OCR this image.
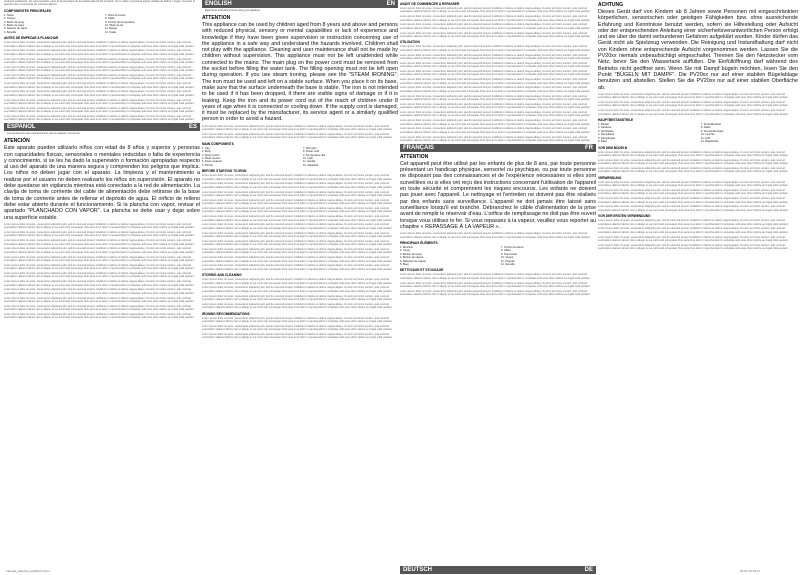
producto evaluación. Ver para revisarla, junto al desempaque de la unidad vida útil del producto. No lo utilice si presenta signos visibles de daños o fugas. Conectar el aparato sólo a una fuente de corriente alterna.
COMPONENTES PRINCIPALES
1. Tapón
2. Cuerpo
3. Botón de spray
4. Botón de vapor
5. Selector de vapor
6. Boquilla
7. Piloto luminoso
8. Cable
9. Control de temperatura
10. Piloto de luz
11. Mango
12. Suela
ANTES DE EMPEZAR A PLANCHAR

Lorem ipsum dolor sit amet, consectetur adipiscing elit, sed do eiusmod tempor incididunt ut labore et dolore magna aliqua. Ut enim ad minim veniam, quis nostrud exercitation ullamco laboris nisi ut aliquip ex ea commodo consequat. Duis aute irure dolor in reprehenderit in voluptate velit esse cillum dolore eu fugiat nulla pariatur.

Lorem ipsum dolor sit amet, consectetur adipiscing elit, sed do eiusmod tempor incididunt ut labore et dolore magna aliqua. Ut enim ad minim veniam, quis nostrud exercitation ullamco laboris nisi ut aliquip ex ea commodo consequat. Duis aute irure dolor in reprehenderit in voluptate velit esse cillum dolore eu fugiat nulla pariatur.

Lorem ipsum dolor sit amet, consectetur adipiscing elit, sed do eiusmod tempor incididunt ut labore et dolore magna aliqua. Ut enim ad minim veniam, quis nostrud exercitation ullamco laboris nisi ut aliquip ex ea commodo consequat. Duis aute irure dolor in reprehenderit in voluptate velit esse cillum dolore eu fugiat nulla pariatur.

Lorem ipsum dolor sit amet, consectetur adipiscing elit, sed do eiusmod tempor incididunt ut labore et dolore magna aliqua. Ut enim ad minim veniam, quis nostrud exercitation ullamco laboris nisi ut aliquip ex ea commodo consequat. Duis aute irure dolor in reprehenderit in voluptate velit esse cillum dolore eu fugiat nulla pariatur.

Lorem ipsum dolor sit amet, consectetur adipiscing elit, sed do eiusmod tempor incididunt ut labore et dolore magna aliqua. Ut enim ad minim veniam, quis nostrud exercitation ullamco laboris nisi ut aliquip ex ea commodo consequat. Duis aute irure dolor in reprehenderit in voluptate velit esse cillum dolore eu fugiat nulla pariatur.

Lorem ipsum dolor sit amet, consectetur adipiscing elit, sed do eiusmod tempor incididunt ut labore et dolore magna aliqua. Ut enim ad minim veniam, quis nostrud exercitation ullamco laboris nisi ut aliquip ex ea commodo consequat. Duis aute irure dolor in reprehenderit in voluptate velit esse cillum dolore eu fugiat nulla pariatur.

Lorem ipsum dolor sit amet, consectetur adipiscing elit, sed do eiusmod tempor incididunt ut labore et dolore magna aliqua. Ut enim ad minim veniam, quis nostrud exercitation ullamco laboris nisi ut aliquip ex ea commodo consequat. Duis aute irure dolor in reprehenderit in voluptate velit esse cillum dolore eu fugiat nulla pariatur.

Lorem ipsum dolor sit amet, consectetur adipiscing elit, sed do eiusmod tempor incididunt ut labore et dolore magna aliqua. Ut enim ad minim veniam, quis nostrud exercitation ullamco laboris nisi ut aliquip ex ea commodo consequat. Duis aute irure dolor in reprehenderit in voluptate velit esse cillum dolore eu fugiat nulla pariatur.

Lorem ipsum dolor sit amet, consectetur adipiscing elit, sed do eiusmod tempor incididunt ut labore et dolore magna aliqua. Ut enim ad minim veniam, quis nostrud exercitation ullamco laboris nisi ut aliquip ex ea commodo consequat. Duis aute irure dolor in reprehenderit in voluptate velit esse cillum dolore eu fugiat nulla pariatur.

Lorem ipsum dolor sit amet, consectetur adipiscing elit, sed do eiusmod tempor incididunt ut labore et dolore magna aliqua. Ut enim ad minim veniam, quis nostrud exercitation ullamco laboris nisi ut aliquip ex ea commodo consequat. Duis aute irure dolor in reprehenderit in voluptate velit esse cillum dolore eu fugiat nulla pariatur.

ESPAÑOL	ES
Lea atentamente este manual antes de usar su aparato y consérvelo.
ATENCIÓN
Este aparato pueden utilizarlo niños con edad de 8 años y superior y personas con capacidades físicas, sensoriales o mentales reducidas o falta de experiencia y conocimiento, si se les ha dado la supervisión o formación apropiadas respecto al uso del aparato de una manera segura y comprenden los peligros que implica. Los niños no deben jugar con el aparato. La limpieza y el mantenimiento a realizar por el usuario no deben realizarlo los niños sin supervisión. El aparato no debe quedarse sin vigilancia mientras está conectado a la red de alimentación. La clavija de toma de corriente del cable de alimentación debe retirarse de la base de toma de corriente antes de rellenar el depósito de agua. El orificio de relleno debe estar abierto durante el funcionamiento. Si la plancha con vapor, revisar el apartado "PLANCHADO CON VAPOR". La plancha se debe usar y dejar sobre una superficie estable.

Lorem ipsum dolor sit amet, consectetur adipiscing elit, sed do eiusmod tempor incididunt ut labore et dolore magna aliqua. Ut enim ad minim veniam, quis nostrud exercitation ullamco laboris nisi ut aliquip ex ea commodo consequat. Duis aute irure dolor in reprehenderit in voluptate velit esse cillum dolore eu fugiat nulla pariatur.

Lorem ipsum dolor sit amet, consectetur adipiscing elit, sed do eiusmod tempor incididunt ut labore et dolore magna aliqua. Ut enim ad minim veniam, quis nostrud exercitation ullamco laboris nisi ut aliquip ex ea commodo consequat. Duis aute irure dolor in reprehenderit in voluptate velit esse cillum dolore eu fugiat nulla pariatur.

Lorem ipsum dolor sit amet, consectetur adipiscing elit, sed do eiusmod tempor incididunt ut labore et dolore magna aliqua. Ut enim ad minim veniam, quis nostrud exercitation ullamco laboris nisi ut aliquip ex ea commodo consequat. Duis aute irure dolor in reprehenderit in voluptate velit esse cillum dolore eu fugiat nulla pariatur.

Lorem ipsum dolor sit amet, consectetur adipiscing elit, sed do eiusmod tempor incididunt ut labore et dolore magna aliqua. Ut enim ad minim veniam, quis nostrud exercitation ullamco laboris nisi ut aliquip ex ea commodo consequat. Duis aute irure dolor in reprehenderit in voluptate velit esse cillum dolore eu fugiat nulla pariatur.

Lorem ipsum dolor sit amet, consectetur adipiscing elit, sed do eiusmod tempor incididunt ut labore et dolore magna aliqua. Ut enim ad minim veniam, quis nostrud exercitation ullamco laboris nisi ut aliquip ex ea commodo consequat. Duis aute irure dolor in reprehenderit in voluptate velit esse cillum dolore eu fugiat nulla pariatur.

Lorem ipsum dolor sit amet, consectetur adipiscing elit, sed do eiusmod tempor incididunt ut labore et dolore magna aliqua. Ut enim ad minim veniam, quis nostrud exercitation ullamco laboris nisi ut aliquip ex ea commodo consequat. Duis aute irure dolor in reprehenderit in voluptate velit esse cillum dolore eu fugiat nulla pariatur.

Lorem ipsum dolor sit amet, consectetur adipiscing elit, sed do eiusmod tempor incididunt ut labore et dolore magna aliqua. Ut enim ad minim veniam, quis nostrud exercitation ullamco laboris nisi ut aliquip ex ea commodo consequat. Duis aute irure dolor in reprehenderit in voluptate velit esse cillum dolore eu fugiat nulla pariatur.

Lorem ipsum dolor sit amet, consectetur adipiscing elit, sed do eiusmod tempor incididunt ut labore et dolore magna aliqua. Ut enim ad minim veniam, quis nostrud exercitation ullamco laboris nisi ut aliquip ex ea commodo consequat. Duis aute irure dolor in reprehenderit in voluptate velit esse cillum dolore eu fugiat nulla pariatur.

Lorem ipsum dolor sit amet, consectetur adipiscing elit, sed do eiusmod tempor incididunt ut labore et dolore magna aliqua. Ut enim ad minim veniam, quis nostrud exercitation ullamco laboris nisi ut aliquip ex ea commodo consequat. Duis aute irure dolor in reprehenderit in voluptate velit esse cillum dolore eu fugiat nulla pariatur.

Lorem ipsum dolor sit amet, consectetur adipiscing elit, sed do eiusmod tempor incididunt ut labore et dolore magna aliqua. Ut enim ad minim veniam, quis nostrud exercitation ullamco laboris nisi ut aliquip ex ea commodo consequat. Duis aute irure dolor in reprehenderit in voluptate velit esse cillum dolore eu fugiat nulla pariatur.

Lorem ipsum dolor sit amet, consectetur adipiscing elit, sed do eiusmod tempor incididunt ut labore et dolore magna aliqua. Ut enim ad minim veniam, quis nostrud exercitation ullamco laboris nisi ut aliquip ex ea commodo consequat. Duis aute irure dolor in reprehenderit in voluptate velit esse cillum dolore eu fugiat nulla pariatur.

Lorem ipsum dolor sit amet, consectetur adipiscing elit, sed do eiusmod tempor incididunt ut labore et dolore magna aliqua. Ut enim ad minim veniam, quis nostrud exercitation ullamco laboris nisi ut aliquip ex ea commodo consequat. Duis aute irure dolor in reprehenderit in voluptate velit esse cillum dolore eu fugiat nulla pariatur.

manual_plancha_cap2011.indd 1
ENGLISH	EN
Read these instructions before using your appliance.
ATTENTION
This appliance can be used by children aged from 8 years and above and persons with reduced physical, sensory or mental capabilities or lack of experience and knowledge if they have been given supervision or instruction concerning use of the appliance in a safe way and understand the hazards involved. Children shall not play with the appliance. Cleaning and user maintenance shall not be made by children without supervision. This appliance must not be left unattended while connected to the mains. The main plug on the power cord must be removed from the socket before filling the water tank. The filling opening must not be left open during operation. If you use steam ironing, please see the "STEAM IRONING". The iron must be used and left on a stable surface. When you place it on its base, make sure that the surface underneath the base is stable. The iron is not intended to be used if it has been dropped, if there are visible signs of damage or if it is leaking. Keep the iron and its power cord out of the reach of children under 8 years of age when it is connected or cooling down. If the supply cord is damaged, it must be replaced by the manufacturer, its service agent or a similarly qualified person in order to avoid a hazard.

Lorem ipsum dolor sit amet, consectetur adipiscing elit, sed do eiusmod tempor incididunt ut labore et dolore magna aliqua. Ut enim ad minim veniam, quis nostrud exercitation ullamco laboris nisi ut aliquip ex ea commodo consequat. Duis aute irure dolor in reprehenderit in voluptate velit esse cillum dolore eu fugiat nulla pariatur.

Lorem ipsum dolor sit amet, consectetur adipiscing elit, sed do eiusmod tempor incididunt ut labore et dolore magna aliqua. Ut enim ad minim veniam, quis nostrud exercitation ullamco laboris nisi ut aliquip ex ea commodo consequat. Duis aute irure dolor in reprehenderit in voluptate velit esse cillum dolore eu fugiat nulla pariatur.

MAIN COMPONENTS
1. Cap
2. Body
3. Spray button
4. Steam button
5. Steam selector
6. Nozzle
7. Pilot light
8. Power cord
9. Temperature dial
10. Light
11. Handle
12. Soleplate
BEFORE STARTING TO IRON

Lorem ipsum dolor sit amet, consectetur adipiscing elit, sed do eiusmod tempor incididunt ut labore et dolore magna aliqua. Ut enim ad minim veniam, quis nostrud exercitation ullamco laboris nisi ut aliquip ex ea commodo consequat. Duis aute irure dolor in reprehenderit in voluptate velit esse cillum dolore eu fugiat nulla pariatur.

Lorem ipsum dolor sit amet, consectetur adipiscing elit, sed do eiusmod tempor incididunt ut labore et dolore magna aliqua. Ut enim ad minim veniam, quis nostrud exercitation ullamco laboris nisi ut aliquip ex ea commodo consequat. Duis aute irure dolor in reprehenderit in voluptate velit esse cillum dolore eu fugiat nulla pariatur.

Lorem ipsum dolor sit amet, consectetur adipiscing elit, sed do eiusmod tempor incididunt ut labore et dolore magna aliqua. Ut enim ad minim veniam, quis nostrud exercitation ullamco laboris nisi ut aliquip ex ea commodo consequat. Duis aute irure dolor in reprehenderit in voluptate velit esse cillum dolore eu fugiat nulla pariatur.

Lorem ipsum dolor sit amet, consectetur adipiscing elit, sed do eiusmod tempor incididunt ut labore et dolore magna aliqua. Ut enim ad minim veniam, quis nostrud exercitation ullamco laboris nisi ut aliquip ex ea commodo consequat. Duis aute irure dolor in reprehenderit in voluptate velit esse cillum dolore eu fugiat nulla pariatur.

Lorem ipsum dolor sit amet, consectetur adipiscing elit, sed do eiusmod tempor incididunt ut labore et dolore magna aliqua. Ut enim ad minim veniam, quis nostrud exercitation ullamco laboris nisi ut aliquip ex ea commodo consequat. Duis aute irure dolor in reprehenderit in voluptate velit esse cillum dolore eu fugiat nulla pariatur.

Lorem ipsum dolor sit amet, consectetur adipiscing elit, sed do eiusmod tempor incididunt ut labore et dolore magna aliqua. Ut enim ad minim veniam, quis nostrud exercitation ullamco laboris nisi ut aliquip ex ea commodo consequat. Duis aute irure dolor in reprehenderit in voluptate velit esse cillum dolore eu fugiat nulla pariatur.

Lorem ipsum dolor sit amet, consectetur adipiscing elit, sed do eiusmod tempor incididunt ut labore et dolore magna aliqua. Ut enim ad minim veniam, quis nostrud exercitation ullamco laboris nisi ut aliquip ex ea commodo consequat. Duis aute irure dolor in reprehenderit in voluptate velit esse cillum dolore eu fugiat nulla pariatur.

Lorem ipsum dolor sit amet, consectetur adipiscing elit, sed do eiusmod tempor incididunt ut labore et dolore magna aliqua. Ut enim ad minim veniam, quis nostrud exercitation ullamco laboris nisi ut aliquip ex ea commodo consequat. Duis aute irure dolor in reprehenderit in voluptate velit esse cillum dolore eu fugiat nulla pariatur.

Lorem ipsum dolor sit amet, consectetur adipiscing elit, sed do eiusmod tempor incididunt ut labore et dolore magna aliqua. Ut enim ad minim veniam, quis nostrud exercitation ullamco laboris nisi ut aliquip ex ea commodo consequat. Duis aute irure dolor in reprehenderit in voluptate velit esse cillum dolore eu fugiat nulla pariatur.

Lorem ipsum dolor sit amet, consectetur adipiscing elit, sed do eiusmod tempor incididunt ut labore et dolore magna aliqua. Ut enim ad minim veniam, quis nostrud exercitation ullamco laboris nisi ut aliquip ex ea commodo consequat. Duis aute irure dolor in reprehenderit in voluptate velit esse cillum dolore eu fugiat nulla pariatur.

Lorem ipsum dolor sit amet, consectetur adipiscing elit, sed do eiusmod tempor incididunt ut labore et dolore magna aliqua. Ut enim ad minim veniam, quis nostrud exercitation ullamco laboris nisi ut aliquip ex ea commodo consequat. Duis aute irure dolor in reprehenderit in voluptate velit esse cillum dolore eu fugiat nulla pariatur.

Lorem ipsum dolor sit amet, consectetur adipiscing elit, sed do eiusmod tempor incididunt ut labore et dolore magna aliqua. Ut enim ad minim veniam, quis nostrud exercitation ullamco laboris nisi ut aliquip ex ea commodo consequat. Duis aute irure dolor in reprehenderit in voluptate velit esse cillum dolore eu fugiat nulla pariatur.

STORING AND CLEANING

Lorem ipsum dolor sit amet, consectetur adipiscing elit, sed do eiusmod tempor incididunt ut labore et dolore magna aliqua. Ut enim ad minim veniam, quis nostrud exercitation ullamco laboris nisi ut aliquip ex ea commodo consequat. Duis aute irure dolor in reprehenderit in voluptate velit esse cillum dolore eu fugiat nulla pariatur.

Lorem ipsum dolor sit amet, consectetur adipiscing elit, sed do eiusmod tempor incididunt ut labore et dolore magna aliqua. Ut enim ad minim veniam, quis nostrud exercitation ullamco laboris nisi ut aliquip ex ea commodo consequat. Duis aute irure dolor in reprehenderit in voluptate velit esse cillum dolore eu fugiat nulla pariatur.

Lorem ipsum dolor sit amet, consectetur adipiscing elit, sed do eiusmod tempor incididunt ut labore et dolore magna aliqua. Ut enim ad minim veniam, quis nostrud exercitation ullamco laboris nisi ut aliquip ex ea commodo consequat. Duis aute irure dolor in reprehenderit in voluptate velit esse cillum dolore eu fugiat nulla pariatur.

Lorem ipsum dolor sit amet, consectetur adipiscing elit, sed do eiusmod tempor incididunt ut labore et dolore magna aliqua. Ut enim ad minim veniam, quis nostrud exercitation ullamco laboris nisi ut aliquip ex ea commodo consequat. Duis aute irure dolor in reprehenderit in voluptate velit esse cillum dolore eu fugiat nulla pariatur.

IRONING RECOMMENDATIONS

Lorem ipsum dolor sit amet, consectetur adipiscing elit, sed do eiusmod tempor incididunt ut labore et dolore magna aliqua. Ut enim ad minim veniam, quis nostrud exercitation ullamco laboris nisi ut aliquip ex ea commodo consequat. Duis aute irure dolor in reprehenderit in voluptate velit esse cillum dolore eu fugiat nulla pariatur.

Lorem ipsum dolor sit amet, consectetur adipiscing elit, sed do eiusmod tempor incididunt ut labore et dolore magna aliqua. Ut enim ad minim veniam, quis nostrud exercitation ullamco laboris nisi ut aliquip ex ea commodo consequat. Duis aute irure dolor in reprehenderit in voluptate velit esse cillum dolore eu fugiat nulla pariatur.

Lorem ipsum dolor sit amet, consectetur adipiscing elit, sed do eiusmod tempor incididunt ut labore et dolore magna aliqua. Ut enim ad minim veniam, quis nostrud exercitation ullamco laboris nisi ut aliquip ex ea commodo consequat. Duis aute irure dolor in reprehenderit in voluptate velit esse cillum dolore eu fugiat nulla pariatur.

AVANT DE COMMENCER À REPASSER

Lorem ipsum dolor sit amet, consectetur adipiscing elit, sed do eiusmod tempor incididunt ut labore et dolore magna aliqua. Ut enim ad minim veniam, quis nostrud exercitation ullamco laboris nisi ut aliquip ex ea commodo consequat. Duis aute irure dolor in reprehenderit in voluptate velit esse cillum dolore eu fugiat nulla pariatur.

Lorem ipsum dolor sit amet, consectetur adipiscing elit, sed do eiusmod tempor incididunt ut labore et dolore magna aliqua. Ut enim ad minim veniam, quis nostrud exercitation ullamco laboris nisi ut aliquip ex ea commodo consequat. Duis aute irure dolor in reprehenderit in voluptate velit esse cillum dolore eu fugiat nulla pariatur.

Lorem ipsum dolor sit amet, consectetur adipiscing elit, sed do eiusmod tempor incididunt ut labore et dolore magna aliqua. Ut enim ad minim veniam, quis nostrud exercitation ullamco laboris nisi ut aliquip ex ea commodo consequat. Duis aute irure dolor in reprehenderit in voluptate velit esse cillum dolore eu fugiat nulla pariatur.

Lorem ipsum dolor sit amet, consectetur adipiscing elit, sed do eiusmod tempor incididunt ut labore et dolore magna aliqua. Ut enim ad minim veniam, quis nostrud exercitation ullamco laboris nisi ut aliquip ex ea commodo consequat. Duis aute irure dolor in reprehenderit in voluptate velit esse cillum dolore eu fugiat nulla pariatur.

UTILISATION

Lorem ipsum dolor sit amet, consectetur adipiscing elit, sed do eiusmod tempor incididunt ut labore et dolore magna aliqua. Ut enim ad minim veniam, quis nostrud exercitation ullamco laboris nisi ut aliquip ex ea commodo consequat. Duis aute irure dolor in reprehenderit in voluptate velit esse cillum dolore eu fugiat nulla pariatur.

Lorem ipsum dolor sit amet, consectetur adipiscing elit, sed do eiusmod tempor incididunt ut labore et dolore magna aliqua. Ut enim ad minim veniam, quis nostrud exercitation ullamco laboris nisi ut aliquip ex ea commodo consequat. Duis aute irure dolor in reprehenderit in voluptate velit esse cillum dolore eu fugiat nulla pariatur.

Lorem ipsum dolor sit amet, consectetur adipiscing elit, sed do eiusmod tempor incididunt ut labore et dolore magna aliqua. Ut enim ad minim veniam, quis nostrud exercitation ullamco laboris nisi ut aliquip ex ea commodo consequat. Duis aute irure dolor in reprehenderit in voluptate velit esse cillum dolore eu fugiat nulla pariatur.

Lorem ipsum dolor sit amet, consectetur adipiscing elit, sed do eiusmod tempor incididunt ut labore et dolore magna aliqua. Ut enim ad minim veniam, quis nostrud exercitation ullamco laboris nisi ut aliquip ex ea commodo consequat. Duis aute irure dolor in reprehenderit in voluptate velit esse cillum dolore eu fugiat nulla pariatur.

Lorem ipsum dolor sit amet, consectetur adipiscing elit, sed do eiusmod tempor incididunt ut labore et dolore magna aliqua. Ut enim ad minim veniam, quis nostrud exercitation ullamco laboris nisi ut aliquip ex ea commodo consequat. Duis aute irure dolor in reprehenderit in voluptate velit esse cillum dolore eu fugiat nulla pariatur.

Lorem ipsum dolor sit amet, consectetur adipiscing elit, sed do eiusmod tempor incididunt ut labore et dolore magna aliqua. Ut enim ad minim veniam, quis nostrud exercitation ullamco laboris nisi ut aliquip ex ea commodo consequat. Duis aute irure dolor in reprehenderit in voluptate velit esse cillum dolore eu fugiat nulla pariatur.

Lorem ipsum dolor sit amet, consectetur adipiscing elit, sed do eiusmod tempor incididunt ut labore et dolore magna aliqua. Ut enim ad minim veniam, quis nostrud exercitation ullamco laboris nisi ut aliquip ex ea commodo consequat. Duis aute irure dolor in reprehenderit in voluptate velit esse cillum dolore eu fugiat nulla pariatur.

Lorem ipsum dolor sit amet, consectetur adipiscing elit, sed do eiusmod tempor incididunt ut labore et dolore magna aliqua. Ut enim ad minim veniam, quis nostrud exercitation ullamco laboris nisi ut aliquip ex ea commodo consequat. Duis aute irure dolor in reprehenderit in voluptate velit esse cillum dolore eu fugiat nulla pariatur.

Lorem ipsum dolor sit amet, consectetur adipiscing elit, sed do eiusmod tempor incididunt ut labore et dolore magna aliqua. Ut enim ad minim veniam, quis nostrud exercitation ullamco laboris nisi ut aliquip ex ea commodo consequat. Duis aute irure dolor in reprehenderit in voluptate velit esse cillum dolore eu fugiat nulla pariatur.

Lorem ipsum dolor sit amet, consectetur adipiscing elit, sed do eiusmod tempor incididunt ut labore et dolore magna aliqua. Ut enim ad minim veniam, quis nostrud exercitation ullamco laboris nisi ut aliquip ex ea commodo consequat. Duis aute irure dolor in reprehenderit in voluptate velit esse cillum dolore eu fugiat nulla pariatur.

Lorem ipsum dolor sit amet, consectetur adipiscing elit, sed do eiusmod tempor incididunt ut labore et dolore magna aliqua. Ut enim ad minim veniam, quis nostrud exercitation ullamco laboris nisi ut aliquip ex ea commodo consequat. Duis aute irure dolor in reprehenderit in voluptate velit esse cillum dolore eu fugiat nulla pariatur.

Lorem ipsum dolor sit amet, consectetur adipiscing elit, sed do eiusmod tempor incididunt ut labore et dolore magna aliqua. Ut enim ad minim veniam, quis nostrud exercitation ullamco laboris nisi ut aliquip ex ea commodo consequat. Duis aute irure dolor in reprehenderit in voluptate velit esse cillum dolore eu fugiat nulla pariatur.

FRANÇAIS	FR
ATTENTION
Cet appareil peut être utilisé par les enfants de plus de 8 ans, par toute personne présentant un handicap physique, sensoriel ou psychique, ou par toute personne ne disposant pas des connaissances et de l'expérience nécessaires si elles sont surveillées ou si elles ont reçu des instructions concernant l'utilisation de l'appareil en toute sécurité et comprennent les risques encourus. Les enfants ne doivent pas jouer avec l'appareil. Le nettoyage et l'entretien ne doivent pas être réalisés par des enfants sans surveillance. L'appareil ne doit jamais être laissé sans surveillance lorsqu'il est branché. Débranchez le câble d'alimentation de la prise avant de remplir le réservoir d'eau. L'orifice de remplissage ne doit pas être ouvert lorsque vous utilisez le fer. Si vous repassez à la vapeur, veuillez vous reporter au chapitre « REPASSAGE À LA VAPEUR ».

Lorem ipsum dolor sit amet, consectetur adipiscing elit, sed do eiusmod tempor incididunt ut labore et dolore magna aliqua. Ut enim ad minim veniam, quis nostrud exercitation ullamco laboris nisi ut aliquip ex ea commodo consequat. Duis aute irure dolor in reprehenderit in voluptate velit esse cillum dolore eu fugiat nulla pariatur.

PRINCIPAUX ÉLÉMENTS
1. Bouchon
2. Corps
3. Bouton de spray
4. Bouton de vapeur
5. Sélecteur de vapeur
6. Buse
7. Témoin lumineux
8. Câble
9. Thermostat
10. Voyant
11. Poignée
12. Semelle
NETTOYAGE ET STOCKAGE

Lorem ipsum dolor sit amet, consectetur adipiscing elit, sed do eiusmod tempor incididunt ut labore et dolore magna aliqua. Ut enim ad minim veniam, quis nostrud exercitation ullamco laboris nisi ut aliquip ex ea commodo consequat. Duis aute irure dolor in reprehenderit in voluptate velit esse cillum dolore eu fugiat nulla pariatur.

Lorem ipsum dolor sit amet, consectetur adipiscing elit, sed do eiusmod tempor incididunt ut labore et dolore magna aliqua. Ut enim ad minim veniam, quis nostrud exercitation ullamco laboris nisi ut aliquip ex ea commodo consequat. Duis aute irure dolor in reprehenderit in voluptate velit esse cillum dolore eu fugiat nulla pariatur.

Lorem ipsum dolor sit amet, consectetur adipiscing elit, sed do eiusmod tempor incididunt ut labore et dolore magna aliqua. Ut enim ad minim veniam, quis nostrud exercitation ullamco laboris nisi ut aliquip ex ea commodo consequat. Duis aute irure dolor in reprehenderit in voluptate velit esse cillum dolore eu fugiat nulla pariatur.

DEUTSCH	DE
ACHTUNG
Dieses Gerät darf von Kindern ab 8 Jahren sowie Personen mit eingeschränkten körperlichen, sensorischen oder geistigen Fähigkeiten bzw. ohne ausreichende Erfahrung und Kenntnisse benutzt werden, sofern sie Hilfestellung oder Aufsicht oder der entsprechenden Anleitung einer sicherheitsverantwortlichen Person erfolgt und sie über die damit verbundenen Gefahren aufgeklärt wurden. Kinder dürfen das Gerät nicht als Spielzeug verwenden. Die Reinigung und Instandhaltung darf nicht von Kindern ohne entsprechende Aufsicht vorgenommen werden. Lassen Sie die PV20xx niemals unbeaufsichtigt eingeschaltet. Trennen Sie den Netzstecker vom Netz, bevor Sie den Wassertank auffüllen. Die Einfüllöffnung darf während des Betriebs nicht geöffnet sein. Wenn Sie mit Dampf bügeln möchten, lesen Sie den Punkt "BÜGELN MIT DAMPF". Die PV20xx nur auf einer stabilen Bügelablage benutzen und abstellen. Stellen Sie die PV20xx nur auf einer stabilen Oberfläche ab.

Lorem ipsum dolor sit amet, consectetur adipiscing elit, sed do eiusmod tempor incididunt ut labore et dolore magna aliqua. Ut enim ad minim veniam, quis nostrud exercitation ullamco laboris nisi ut aliquip ex ea commodo consequat. Duis aute irure dolor in reprehenderit in voluptate velit esse cillum dolore eu fugiat nulla pariatur.

Lorem ipsum dolor sit amet, consectetur adipiscing elit, sed do eiusmod tempor incididunt ut labore et dolore magna aliqua. Ut enim ad minim veniam, quis nostrud exercitation ullamco laboris nisi ut aliquip ex ea commodo consequat. Duis aute irure dolor in reprehenderit in voluptate velit esse cillum dolore eu fugiat nulla pariatur.

Lorem ipsum dolor sit amet, consectetur adipiscing elit, sed do eiusmod tempor incididunt ut labore et dolore magna aliqua. Ut enim ad minim veniam, quis nostrud exercitation ullamco laboris nisi ut aliquip ex ea commodo consequat. Duis aute irure dolor in reprehenderit in voluptate velit esse cillum dolore eu fugiat nulla pariatur.

HAUPTBESTANDTEILE
1. Deckel
2. Gehäuse
3. Sprühtaste
4. Dampftaste
5. Dampfregler
6. Düse
7. Kontrollleuchte
8. Kabel
9. Temperaturregler
10. Leuchte
11. Griff
12. Bügelsohle
VOR DEM BÜGELN

Lorem ipsum dolor sit amet, consectetur adipiscing elit, sed do eiusmod tempor incididunt ut labore et dolore magna aliqua. Ut enim ad minim veniam, quis nostrud exercitation ullamco laboris nisi ut aliquip ex ea commodo consequat. Duis aute irure dolor in reprehenderit in voluptate velit esse cillum dolore eu fugiat nulla pariatur.

Lorem ipsum dolor sit amet, consectetur adipiscing elit, sed do eiusmod tempor incididunt ut labore et dolore magna aliqua. Ut enim ad minim veniam, quis nostrud exercitation ullamco laboris nisi ut aliquip ex ea commodo consequat. Duis aute irure dolor in reprehenderit in voluptate velit esse cillum dolore eu fugiat nulla pariatur.

Lorem ipsum dolor sit amet, consectetur adipiscing elit, sed do eiusmod tempor incididunt ut labore et dolore magna aliqua. Ut enim ad minim veniam, quis nostrud exercitation ullamco laboris nisi ut aliquip ex ea commodo consequat. Duis aute irure dolor in reprehenderit in voluptate velit esse cillum dolore eu fugiat nulla pariatur.

VERWENDUNG

Lorem ipsum dolor sit amet, consectetur adipiscing elit, sed do eiusmod tempor incididunt ut labore et dolore magna aliqua. Ut enim ad minim veniam, quis nostrud exercitation ullamco laboris nisi ut aliquip ex ea commodo consequat. Duis aute irure dolor in reprehenderit in voluptate velit esse cillum dolore eu fugiat nulla pariatur.

Lorem ipsum dolor sit amet, consectetur adipiscing elit, sed do eiusmod tempor incididunt ut labore et dolore magna aliqua. Ut enim ad minim veniam, quis nostrud exercitation ullamco laboris nisi ut aliquip ex ea commodo consequat. Duis aute irure dolor in reprehenderit in voluptate velit esse cillum dolore eu fugiat nulla pariatur.

Lorem ipsum dolor sit amet, consectetur adipiscing elit, sed do eiusmod tempor incididunt ut labore et dolore magna aliqua. Ut enim ad minim veniam, quis nostrud exercitation ullamco laboris nisi ut aliquip ex ea commodo consequat. Duis aute irure dolor in reprehenderit in voluptate velit esse cillum dolore eu fugiat nulla pariatur.

Lorem ipsum dolor sit amet, consectetur adipiscing elit, sed do eiusmod tempor incididunt ut labore et dolore magna aliqua. Ut enim ad minim veniam, quis nostrud exercitation ullamco laboris nisi ut aliquip ex ea commodo consequat. Duis aute irure dolor in reprehenderit in voluptate velit esse cillum dolore eu fugiat nulla pariatur.

VOR DER ERSTEN VERWENDUNG

Lorem ipsum dolor sit amet, consectetur adipiscing elit, sed do eiusmod tempor incididunt ut labore et dolore magna aliqua. Ut enim ad minim veniam, quis nostrud exercitation ullamco laboris nisi ut aliquip ex ea commodo consequat. Duis aute irure dolor in reprehenderit in voluptate velit esse cillum dolore eu fugiat nulla pariatur.

Lorem ipsum dolor sit amet, consectetur adipiscing elit, sed do eiusmod tempor incididunt ut labore et dolore magna aliqua. Ut enim ad minim veniam, quis nostrud exercitation ullamco laboris nisi ut aliquip ex ea commodo consequat. Duis aute irure dolor in reprehenderit in voluptate velit esse cillum dolore eu fugiat nulla pariatur.

Lorem ipsum dolor sit amet, consectetur adipiscing elit, sed do eiusmod tempor incididunt ut labore et dolore magna aliqua. Ut enim ad minim veniam, quis nostrud exercitation ullamco laboris nisi ut aliquip ex ea commodo consequat. Duis aute irure dolor in reprehenderit in voluptate velit esse cillum dolore eu fugiat nulla pariatur.

Lorem ipsum dolor sit amet, consectetur adipiscing elit, sed do eiusmod tempor incididunt ut labore et dolore magna aliqua. Ut enim ad minim veniam, quis nostrud exercitation ullamco laboris nisi ut aliquip ex ea commodo consequat. Duis aute irure dolor in reprehenderit in voluptate velit esse cillum dolore eu fugiat nulla pariatur.

03.07.13 16:37
